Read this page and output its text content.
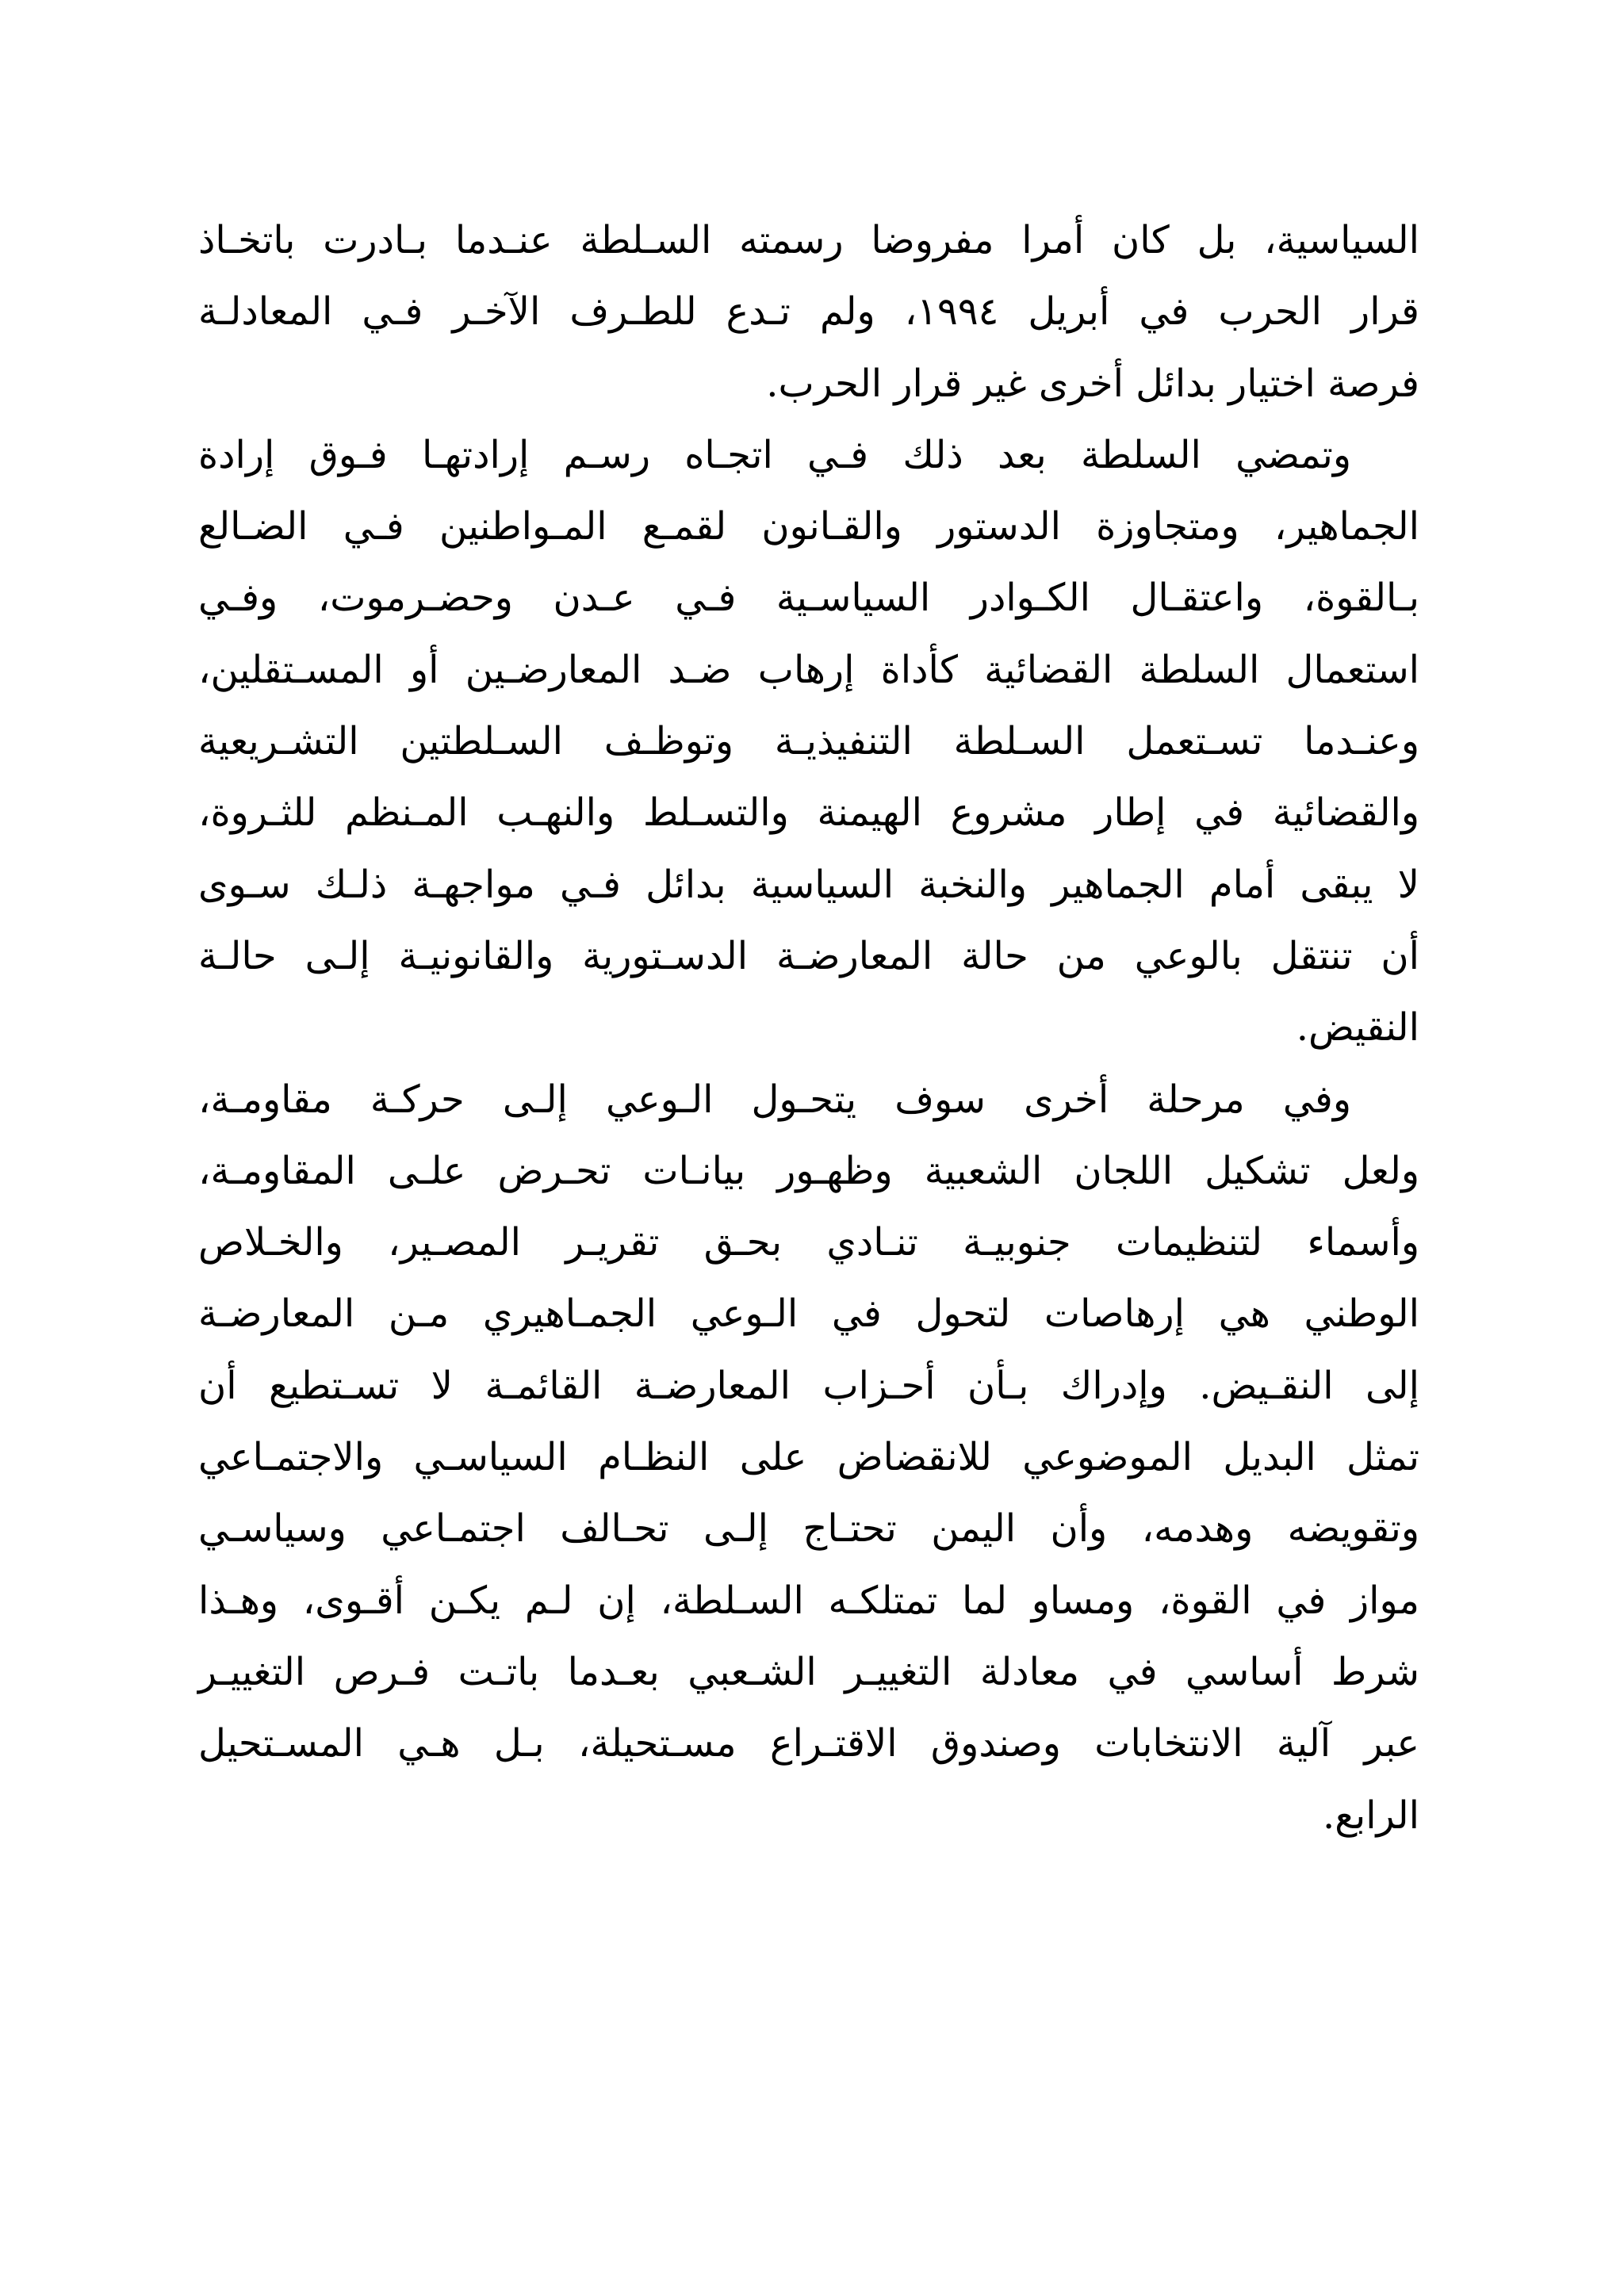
السياسية، بل كان أمرا مفروضا رسمته السـلطة عنـدما بـادرت باتخـاذ
قرار الحرب في أبريل ١٩٩٤، ولم تـدع للطـرف الآخـر فـي المعادلـة
فرصة اختيار بدائل أخرى غير قرار الحرب.
وتمضي السلطة بعد ذلك فـي اتجـاه رسـم إرادتهـا فـوق إرادة
الجماهير، ومتجاوزة الدستور والقـانون لقمـع المـواطنين فـي الضـالع
بـالقوة، واعتقـال الكـوادر السياسـية فـي عـدن وحضـرموت، وفـي
استعمال السلطة القضائية كأداة إرهاب ضـد المعارضـين أو المسـتقلين،
وعنـدما تسـتعمل السـلطة التنفيذيـة وتوظـف السـلطتين التشـريعية
والقضائية في إطار مشروع الهيمنة والتسـلط والنهـب المـنظم للثـروة،
لا يبقى أمام الجماهير والنخبة السياسية بدائل فـي مواجهـة ذلـك سـوى
أن تنتقل بالوعي من حالة المعارضـة الدسـتورية والقانونيـة إلـى حالـة
النقيض.
وفي مرحلة أخرى سوف يتحـول الـوعي إلـى حركـة مقاومـة،
ولعل تشكيل اللجان الشعبية وظهـور بيانـات تحـرض علـى المقاومـة،
وأسماء لتنظيمات جنوبيـة تنـادي بحـق تقريـر المصـير، والخـلاص
الوطني هي إرهاصات لتحول في الـوعي الجمـاهيري مـن المعارضـة
إلى النقـيض. وإدراك بـأن أحـزاب المعارضـة القائمـة لا تسـتطيع أن
تمثل البديل الموضوعي للانقضاض على النظـام السياسـي والاجتمـاعي
وتقويضه وهدمه، وأن اليمن تحتـاج إلـى تحـالف اجتمـاعي وسياسـي
مواز في القوة، ومساو لما تمتلكـه السـلطة، إن لـم يكـن أقـوى، وهـذا
شرط أساسي في معادلة التغييـر الشـعبي بعـدما باتـت فـرص التغييـر
عبر آلية الانتخابات وصندوق الاقتـراع مسـتحيلة، بـل هـي المسـتحيل
الرابع.
